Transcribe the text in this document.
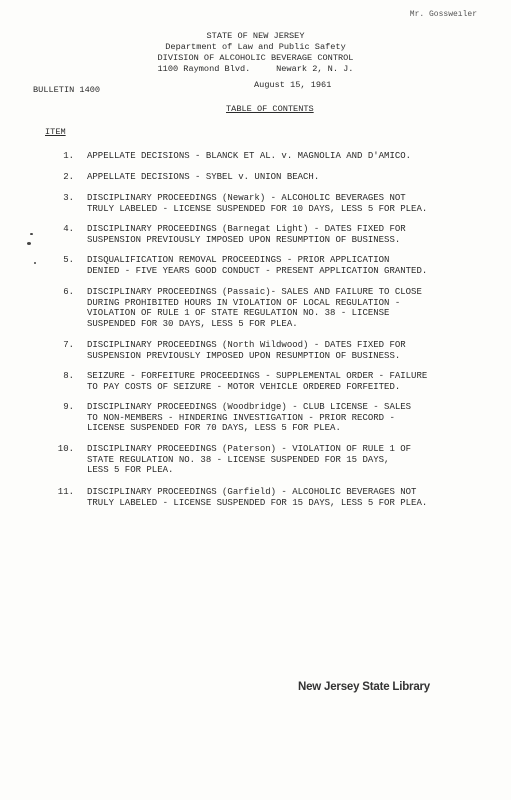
Mr. Gossweıler
STATE OF NEW JERSEY
Department of Law and Public Safety
DIVISION OF ALCOHOLIC BEVERAGE CONTROL
1100 Raymond Blvd.     Newark 2, N. J.
BULLETIN 1400	August 15, 1961
TABLE OF CONTENTS
ITEM
1. APPELLATE DECISIONS - BLANCK ET AL. v. MAGNOLIA AND D'AMICO.
2. APPELLATE DECISIONS - SYBEL v. UNION BEACH.
3. DISCIPLINARY PROCEEDINGS (Newark) - ALCOHOLIC BEVERAGES NOT
TRULY LABELED - LICENSE SUSPENDED FOR 10 DAYS, LESS 5 FOR PLEA.
4. DISCIPLINARY PROCEEDINGS (Barnegat Light) - DATES FIXED FOR
SUSPENSION PREVIOUSLY IMPOSED UPON RESUMPTION OF BUSINESS.
5. DISQUALIFICATION REMOVAL PROCEEDINGS - PRIOR APPLICATION
DENIED - FIVE YEARS GOOD CONDUCT - PRESENT APPLICATION GRANTED.
6. DISCIPLINARY PROCEEDINGS (Passaic)- SALES AND FAILURE TO CLOSE
DURING PROHIBITED HOURS IN VIOLATION OF LOCAL REGULATION -
VIOLATION OF RULE 1 OF STATE REGULATION NO. 38 - LICENSE
SUSPENDED FOR 30 DAYS, LESS 5 FOR PLEA.
7. DISCIPLINARY PROCEEDINGS (North Wildwood) - DATES FIXED FOR
SUSPENSION PREVIOUSLY IMPOSED UPON RESUMPTION OF BUSINESS.
8. SEIZURE - FORFEITURE PROCEEDINGS - SUPPLEMENTAL ORDER - FAILURE
TO PAY COSTS OF SEIZURE - MOTOR VEHICLE ORDERED FORFEITED.
9. DISCIPLINARY PROCEEDINGS (Woodbridge) - CLUB LICENSE - SALES
TO NON-MEMBERS - HINDERING INVESTIGATION - PRIOR RECORD -
LICENSE SUSPENDED FOR 70 DAYS, LESS 5 FOR PLEA.
10. DISCIPLINARY PROCEEDINGS (Paterson) - VIOLATION OF RULE 1 OF
STATE REGULATION NO. 38 - LICENSE SUSPENDED FOR 15 DAYS,
LESS 5 FOR PLEA.
11. DISCIPLINARY PROCEEDINGS (Garfield) - ALCOHOLIC BEVERAGES NOT
TRULY LABELED - LICENSE SUSPENDED FOR 15 DAYS, LESS 5 FOR PLEA.
New Jersey State Library
